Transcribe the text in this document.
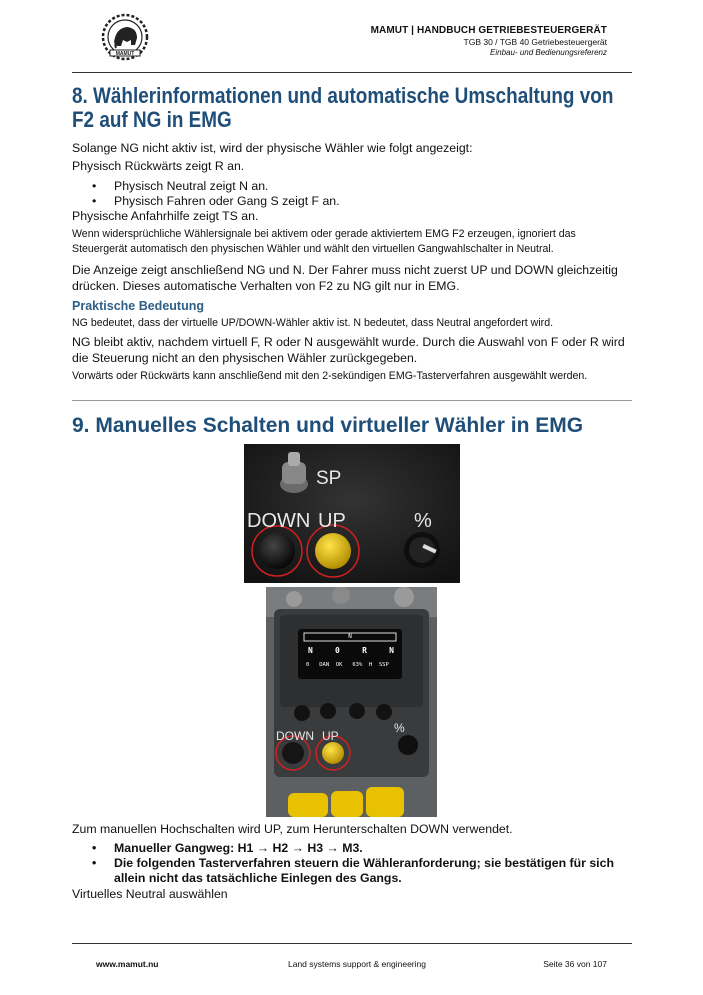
MAMUT
MAMUT | HANDBUCH GETRIEBESTEUERGERÄT
TGB 30 / TGB 40 Getriebesteuergerät
Einbau- und Bedienungsreferenz
8. Wählerinformationen und automatische Umschaltung von F2 auf NG in EMG
Solange NG nicht aktiv ist, wird der physische Wähler wie folgt angezeigt:
Physisch Rückwärts zeigt R an.
• Physisch Neutral zeigt N an.
• Physisch Fahren oder Gang S zeigt F an.
Physische Anfahrhilfe zeigt TS an.
Wenn widersprüchliche Wählersignale bei aktivem oder gerade aktiviertem EMG F2 erzeugen, ignoriert das Steuergerät automatisch den physischen Wähler und wählt den virtuellen Gangwahlschalter in Neutral.
Die Anzeige zeigt anschließend NG und N. Der Fahrer muss nicht zuerst UP und DOWN gleichzeitig drücken. Dieses automatische Verhalten von F2 zu NG gilt nur in EMG.
Praktische Bedeutung
NG bedeutet, dass der virtuelle UP/DOWN-Wähler aktiv ist. N bedeutet, dass Neutral angefordert wird.
NG bleibt aktiv, nachdem virtuell F, R oder N ausgewählt wurde. Durch die Auswahl von F oder R wird die Steuerung nicht an den physischen Wähler zurückgegeben.
Vorwärts oder Rückwärts kann anschließend mit den 2-sekündigen EMG-Tasterverfahren ausgewählt werden.
9. Manuelles Schalten und virtueller Wähler in EMG
SP
DOWN UP	%
N
N	0	R	N
0   DAN  OK   63%  H  SSP
DOWN UP
%
Zum manuellen Hochschalten wird UP, zum Herunterschalten DOWN verwendet.
• Manueller Gangweg: H1 → H2 → H3 → M3.
• Die folgenden Tasterverfahren steuern die Wähleranforderung; sie bestätigen für sich allein nicht das tatsächliche Einlegen des Gangs.
Virtuelles Neutral auswählen
www.mamut.nu	Land systems support & engineering	Seite 36 von 107
